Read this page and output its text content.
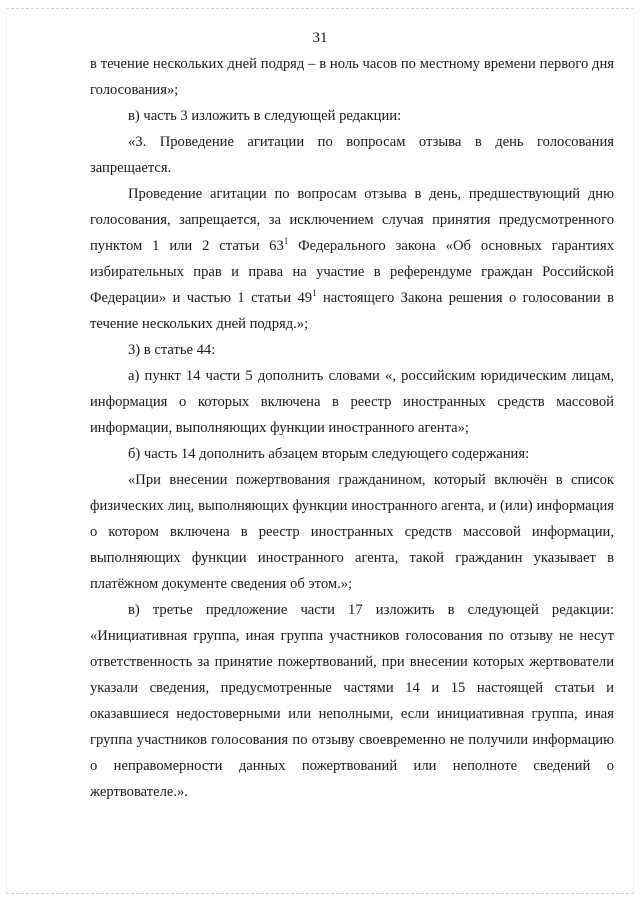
31

в течение нескольких дней подряд – в ноль часов по местному времени первого дня голосования»;

в) часть 3 изложить в следующей редакции:

«3. Проведение агитации по вопросам отзыва в день голосования запрещается.

Проведение агитации по вопросам отзыва в день, предшествующий дню голосования, запрещается, за исключением случая принятия предусмотренного пунктом 1 или 2 статьи $63^1$ Федерального закона «Об основных гарантиях избирательных прав и права на участие в референдуме граждан Российской Федерации» и частью 1 статьи $49^1$ настоящего Закона решения о голосовании в течение нескольких дней подряд.»;

3) в статье 44:

а) пункт 14 части 5 дополнить словами «, российским юридическим лицам, информация о которых включена в реестр иностранных средств массовой информации, выполняющих функции иностранного агента»;

б) часть 14 дополнить абзацем вторым следующего содержания:

«При внесении пожертвования гражданином, который включён в список физических лиц, выполняющих функции иностранного агента, и (или) информация о котором включена в реестр иностранных средств массовой информации, выполняющих функции иностранного агента, такой гражданин указывает в платёжном документе сведения об этом.»;

в) третье предложение части 17 изложить в следующей редакции: «Инициативная группа, иная группа участников голосования по отзыву не несут ответственность за принятие пожертвований, при внесении которых жертвователи указали сведения, предусмотренные частями 14 и 15 настоящей статьи и оказавшиеся недостоверными или неполными, если инициативная группа, иная группа участников голосования по отзыву своевременно не получили информацию о неправомерности данных пожертвований или неполноте сведений о жертвователе.».
